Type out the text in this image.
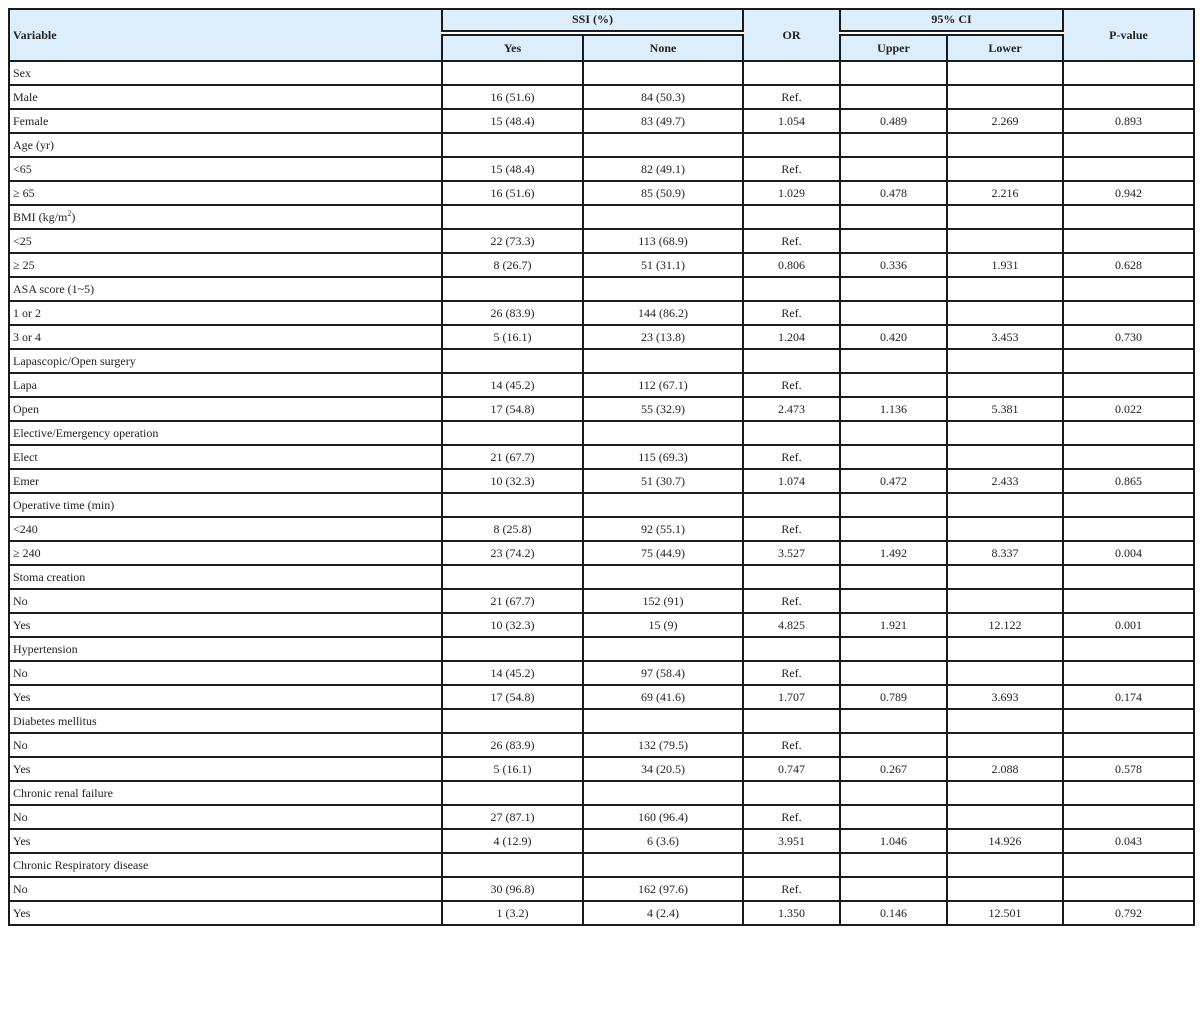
Variable	SSI (%)		OR	95% CI		P-value
	Yes	None		Upper	Lower	
Sex						
Male	16 (51.6)	84 (50.3)	Ref.			
Female	15 (48.4)	83 (49.7)	1.054	0.489	2.269	0.893
Age (yr)						
<65	15 (48.4)	82 (49.1)	Ref.			
≥ 65	16 (51.6)	85 (50.9)	1.029	0.478	2.216	0.942
BMI $(kg/m^2)$						
<25	22 (73.3)	113 (68.9)	Ref.			
≥ 25	8 (26.7)	51 (31.1)	0.806	0.336	1.931	0.628
ASA score (1~5)						
1 or 2	26 (83.9)	144 (86.2)	Ref.			
3 or 4	5 (16.1)	23 (13.8)	1.204	0.420	3.453	0.730
Lapascopic/Open surgery						
Lapa	14 (45.2)	112 (67.1)	Ref.			
Open	17 (54.8)	55 (32.9)	2.473	1.136	5.381	0.022
Elective/Emergency operation						
Elect	21 (67.7)	115 (69.3)	Ref.			
Emer	10 (32.3)	51 (30.7)	1.074	0.472	2.433	0.865
Operative time (min)						
<240	8 (25.8)	92 (55.1)	Ref.			
≥ 240	23 (74.2)	75 (44.9)	3.527	1.492	8.337	0.004
Stoma creation						
No	21 (67.7)	152 (91)	Ref.			
Yes	10 (32.3)	15 (9)	4.825	1.921	12.122	0.001
Hypertension						
No	14 (45.2)	97 (58.4)	Ref.			
Yes	17 (54.8)	69 (41.6)	1.707	0.789	3.693	0.174
Diabetes mellitus						
No	26 (83.9)	132 (79.5)	Ref.			
Yes	5 (16.1)	34 (20.5)	0.747	0.267	2.088	0.578
Chronic renal failure						
No	27 (87.1)	160 (96.4)	Ref.			
Yes	4 (12.9)	6 (3.6)	3.951	1.046	14.926	0.043
Chronic Respiratory disease						
No	30 (96.8)	162 (97.6)	Ref.			
Yes	1 (3.2)	4 (2.4)	1.350	0.146	12.501	0.792
